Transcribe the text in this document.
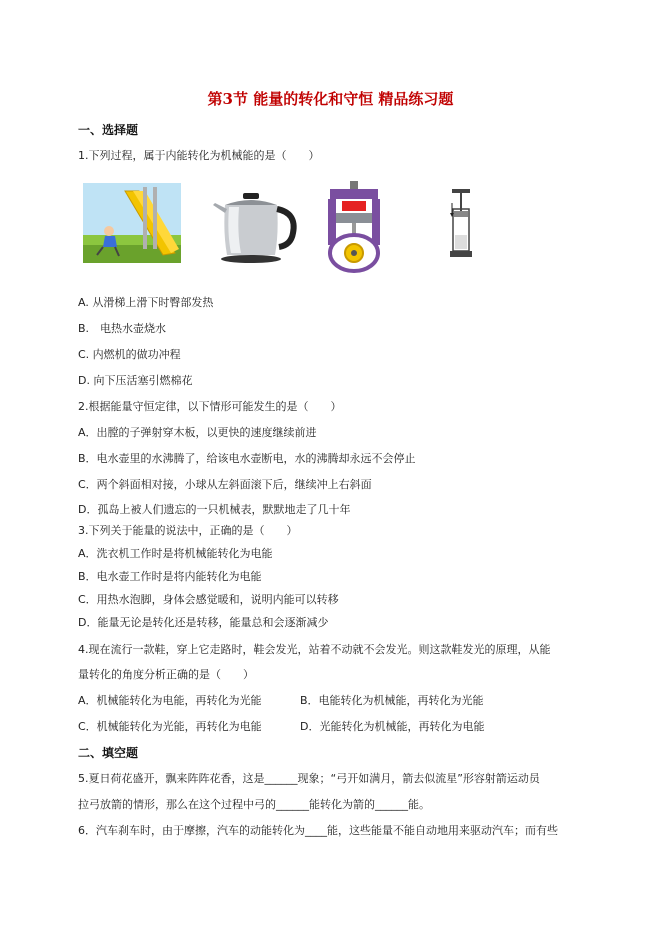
第3节 能量的转化和守恒 精品练习题
一、选择题
1.下列过程，属于内能转化为机械能的是（　　）
A. 从滑梯上滑下时臀部发热
B.　电热水壶烧水
C. 内燃机的做功冲程
D. 向下压活塞引燃棉花
2.根据能量守恒定律，以下情形可能发生的是（　　）
A．出膛的子弹射穿木板，以更快的速度继续前进
B．电水壶里的水沸腾了，给该电水壶断电，水的沸腾却永远不会停止
C．两个斜面相对接，小球从左斜面滚下后，继续冲上右斜面
D．孤岛上被人们遗忘的一只机械表，默默地走了几十年
3.下列关于能量的说法中，正确的是（　　）
A．洗衣机工作时是将机械能转化为电能
B．电水壶工作时是将内能转化为电能
C．用热水泡脚，身体会感觉暖和，说明内能可以转移
D．能量无论是转化还是转移，能量总和会逐渐减少
4.现在流行一款鞋，穿上它走路时，鞋会发光，站着不动就不会发光。则这款鞋发光的原理，从能
量转化的角度分析正确的是（　　）
A．机械能转化为电能，再转化为光能	B．电能转化为机械能，再转化为光能
C．机械能转化为光能，再转化为电能	D．光能转化为机械能，再转化为电能
二、填空题
5.夏日荷花盛开，飘来阵阵花香，这是______现象；“弓开如满月，箭去似流星”形容射箭运动员
拉弓放箭的情形，那么在这个过程中弓的______能转化为箭的______能。
6．汽车刹车时，由于摩擦，汽车的动能转化为____能，这些能量不能自动地用来驱动汽车；而有些
